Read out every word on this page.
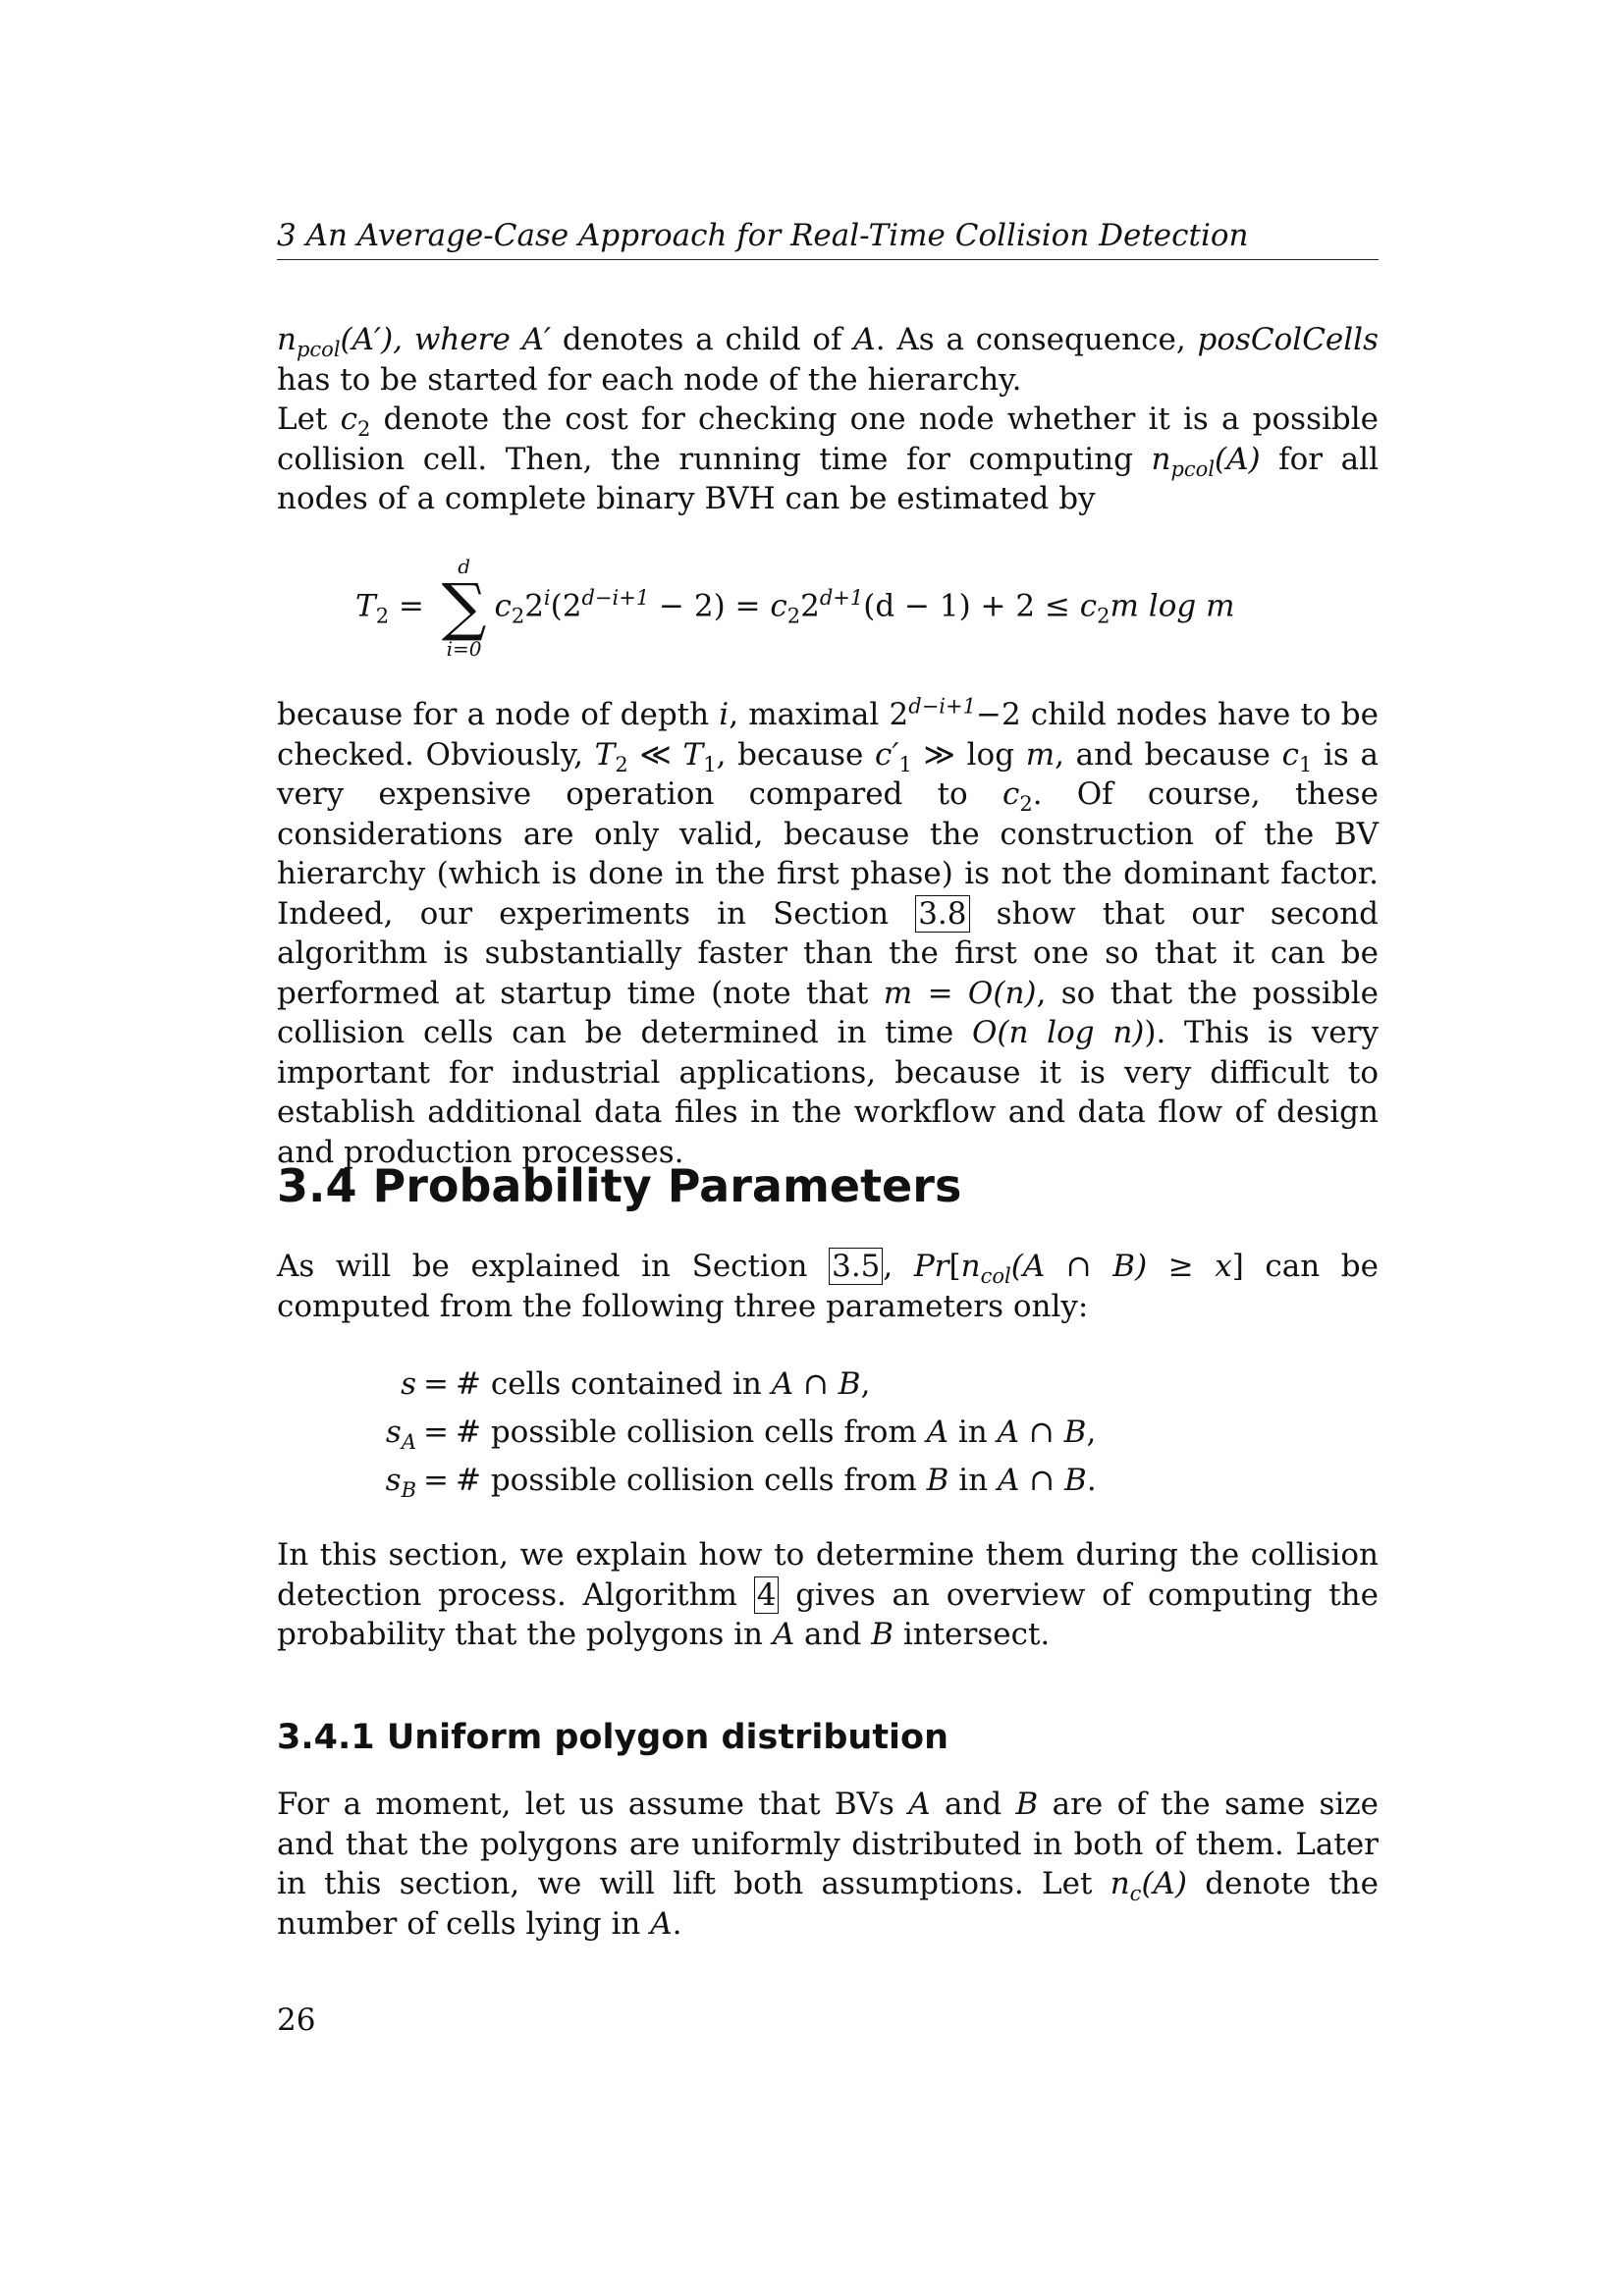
3 An Average-Case Approach for Real-Time Collision Detection
$n_{pcol}(A')$, where A′ denotes a child of A. As a consequence, posColCells has to be started for each node of the hierarchy.
Let $c_2$ denote the cost for checking one node whether it is a possible collision cell. Then, the running time for computing $n_{pcol}(A)$ for all nodes of a complete binary BVH can be estimated by
$T_2$ =
d
∑
i=0
$c_22^i(2^{d-i+1} - 2) = c_22^{d+1}(d - 1) + 2 \le c_2m$ log m
because for a node of depth i, maximal $2^{d-i+1}-2$ child nodes have to be checked. Obviously, $T_2$ ≪ $T_1$, because $c'_1$ ≫ log m, and because $c_1$ is a very expensive operation compared to $c_2$. Of course, these considerations are only valid, because the construction of the BV hierarchy (which is done in the first phase) is not the dominant factor. Indeed, our experiments in Section 3.8 show that our second algorithm is substantially faster than the first one so that it can be performed at startup time (note that m = O(n), so that the possible collision cells can be determined in time O(n log n)). This is very important for industrial applications, because it is very difficult to establish additional data files in the workflow and data flow of design and production processes.
3.4 Probability Parameters
As will be explained in Section 3.5, $Pr[n_{col}(A$ ∩ B) ≥ x] can be computed from the following three parameters only:
s = # cells contained in A ∩ B,
$s_A$ = # possible collision cells from A in A ∩ B,
$s_B$ = # possible collision cells from B in A ∩ B.
In this section, we explain how to determine them during the collision detection process. Algorithm 4 gives an overview of computing the probability that the polygons in A and B intersect.
3.4.1 Uniform polygon distribution
For a moment, let us assume that BVs A and B are of the same size and that the polygons are uniformly distributed in both of them. Later in this section, we will lift both assumptions. Let $n_c(A)$ denote the number of cells lying in A.
26
